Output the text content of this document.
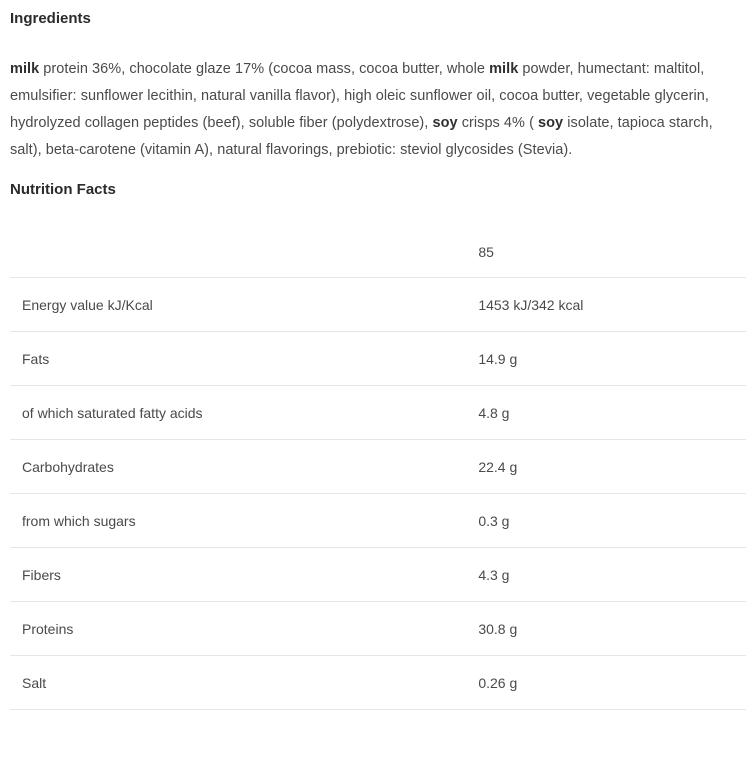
Ingredients

milk protein 36%, chocolate glaze 17% (cocoa mass, cocoa butter, whole milk powder, humectant: maltitol, emulsifier: sunflower lecithin, natural vanilla flavor), high oleic sunflower oil, cocoa butter, vegetable glycerin, hydrolyzed collagen peptides (beef), soluble fiber (polydextrose), soy crisps 4% ( soy isolate, tapioca starch, salt), beta-carotene (vitamin A), natural flavorings, prebiotic: steviol glycosides (Stevia).

Nutrition Facts
	85
Energy value kJ/Kcal	1453 kJ/342 kcal
Fats	14.9 g
of which saturated fatty acids	4.8 g
Carbohydrates	22.4 g
from which sugars	0.3 g
Fibers	4.3 g
Proteins	30.8 g
Salt	0.26 g
